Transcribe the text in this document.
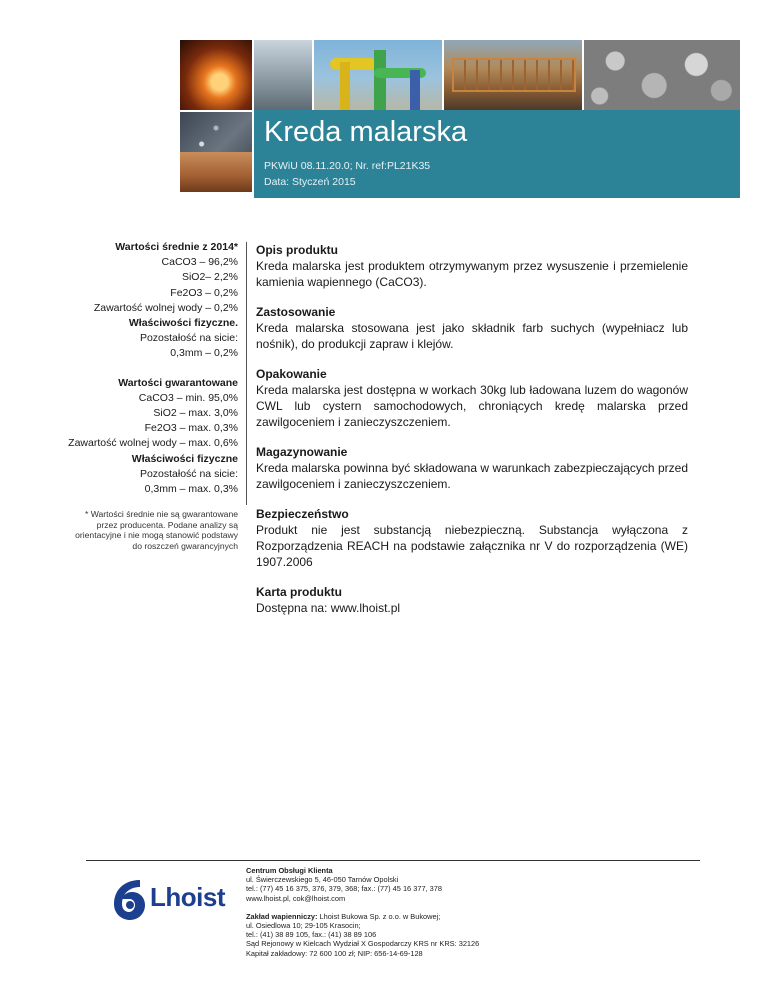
Kreda malarska
PKWiU 08.11.20.0; Nr. ref:PL21K35
Data: Styczeń 2015

Wartości średnie z 2014*

CaCO3 – 96,2%

SiO2– 2,2%

Fe2O3 – 0,2%

Zawartość wolnej wody – 0,2%

Właściwości fizyczne.

Pozostałość na sicie:

0,3mm – 0,2%

Wartości gwarantowane

CaCO3 – min. 95,0%

SiO2 – max. 3,0%

Fe2O3 – max. 0,3%

Zawartość wolnej wody – max. 0,6%

Właściwości fizyczne

Pozostałość na sicie:

0,3mm – max. 0,3%

* Wartości średnie nie są gwarantowane

przez producenta. Podane analizy są

orientacyjne i nie mogą stanowić podstawy

do roszczeń gwarancyjnych

Opis produktu

Kreda malarska jest produktem otrzymywanym przez wysuszenie i przemielenie kamienia wapiennego (CaCO3).

Zastosowanie

Kreda malarska stosowana jest jako składnik farb suchych (wypełniacz lub nośnik), do produkcji zapraw i klejów.

Opakowanie

Kreda malarska jest dostępna w workach 30kg lub ładowana luzem do wagonów CWL lub cystern samochodowych, chroniących kredę malarska przed zawilgoceniem i zanieczyszczeniem.

Magazynowanie

Kreda malarska powinna być składowana w warunkach zabezpieczających przed zawilgoceniem i zanieczyszczeniem.

Bezpieczeństwo

Produkt nie jest substancją niebezpieczną. Substancja wyłączona z Rozporządzenia REACH na podstawie załącznika nr V do rozporządzenia (WE) 1907.2006

Karta produktu

Dostępna na: www.lhoist.pl

Lhoist

Centrum Obsługi Klienta

ul. Świerczewskiego 5, 46-050 Tarnów Opolski

tel.: (77) 45 16 375, 376, 379, 368; fax.: (77) 45 16 377, 378

www.lhoist.pl, cok@lhoist.com

Zakład wapienniczy: Lhoist Bukowa Sp. z o.o. w Bukowej;

ul. Osiedlowa 10; 29-105 Krasocin;

tel.: (41) 38 89 105, fax.: (41) 38 89 106

Sąd Rejonowy w Kielcach Wydział X Gospodarczy KRS nr KRS: 32126

Kapitał zakładowy: 72 600 100 zł; NIP: 656-14-69-128
